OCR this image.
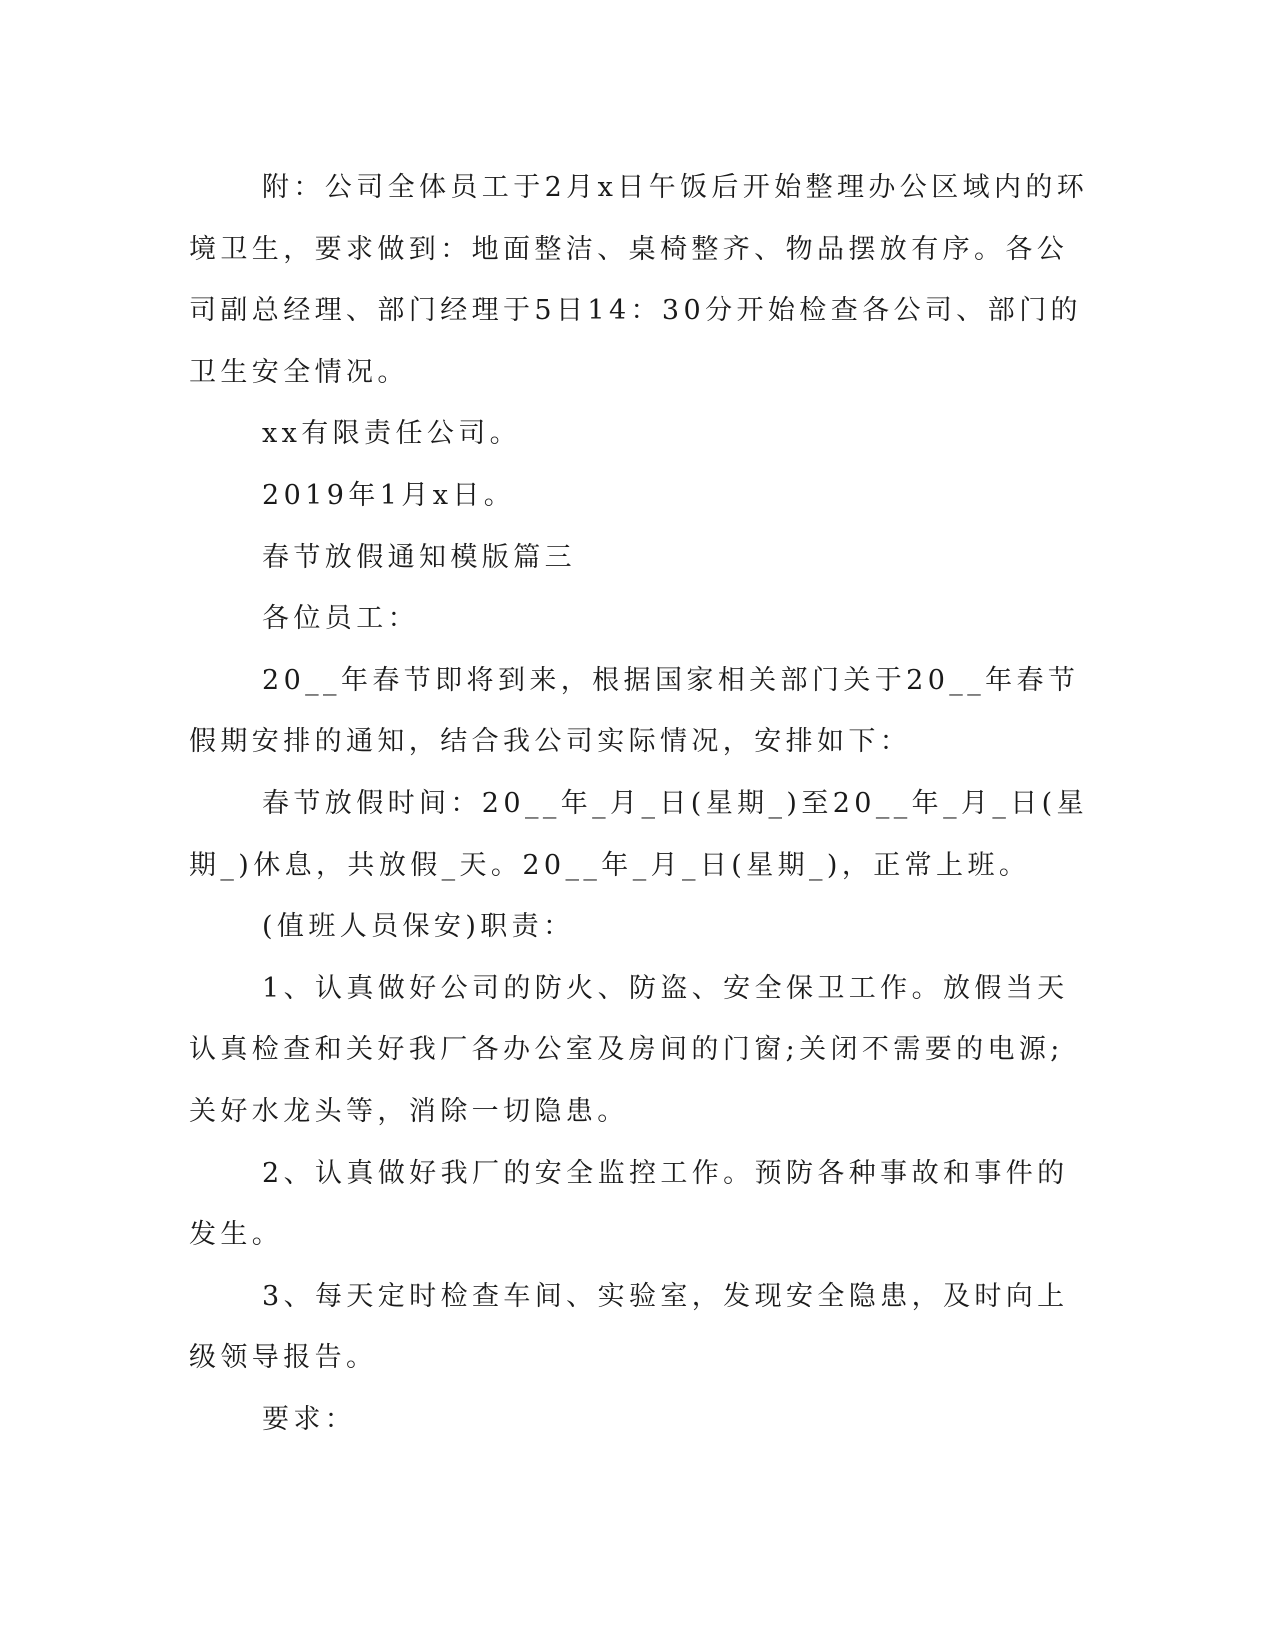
附：公司全体员工于2月x日午饭后开始整理办公区域内的环境卫生，要求做到：地面整洁、桌椅整齐、物品摆放有序。各公司副总经理、部门经理于5日14：30分开始检查各公司、部门的卫生安全情况。

xx有限责任公司。

2019年1月x日。

春节放假通知模版篇三

各位员工：

20__年春节即将到来，根据国家相关部门关于20__年春节假期安排的通知，结合我公司实际情况，安排如下：

春节放假时间：20__年_月_日(星期_)至20__年_月_日(星期_)休息，共放假_天。20__年_月_日(星期_)，正常上班。

(值班人员保安)职责：

1、认真做好公司的防火、防盗、安全保卫工作。放假当天认真检查和关好我厂各办公室及房间的门窗;关闭不需要的电源;关好水龙头等，消除一切隐患。

2、认真做好我厂的安全监控工作。预防各种事故和事件的发生。

3、每天定时检查车间、实验室，发现安全隐患，及时向上级领导报告。

要求：
